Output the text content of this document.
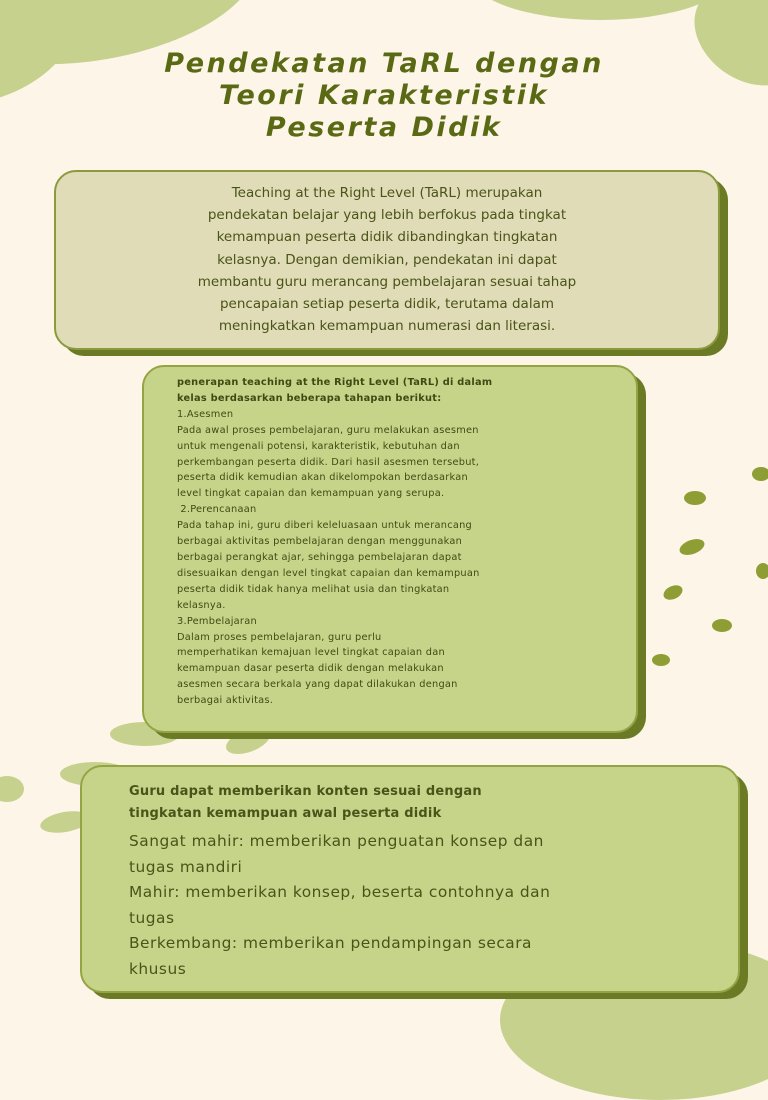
Pendekatan TaRL dengan
Teori Karakteristik
Peserta Didik

Teaching at the Right Level (TaRL) merupakan
pendekatan belajar yang lebih berfokus pada tingkat
kemampuan peserta didik dibandingkan tingkatan
kelasnya. Dengan demikian, pendekatan ini dapat
membantu guru merancang pembelajaran sesuai tahap
pencapaian setiap peserta didik, terutama dalam
meningkatkan kemampuan numerasi dan literasi.

penerapan teaching at the Right Level (TaRL) di dalam
kelas berdasarkan beberapa tahapan berikut:
1.Asesmen
Pada awal proses pembelajaran, guru melakukan asesmen
untuk mengenali potensi, karakteristik, kebutuhan dan
perkembangan peserta didik. Dari hasil asesmen tersebut,
peserta didik kemudian akan dikelompokan berdasarkan
level tingkat capaian dan kemampuan yang serupa.
2.Perencanaan
Pada tahap ini, guru diberi keleluasaan untuk merancang
berbagai aktivitas pembelajaran dengan menggunakan
berbagai perangkat ajar, sehingga pembelajaran dapat
disesuaikan dengan level tingkat capaian dan kemampuan
peserta didik tidak hanya melihat usia dan tingkatan
kelasnya.
3.Pembelajaran
Dalam proses pembelajaran, guru perlu
memperhatikan kemajuan level tingkat capaian dan
kemampuan dasar peserta didik dengan melakukan
asesmen secara berkala yang dapat dilakukan dengan
berbagai aktivitas.
Guru dapat memberikan konten sesuai dengan
tingkatan kemampuan awal peserta didik
Sangat mahir: memberikan penguatan konsep dan
tugas mandiri
Mahir: memberikan konsep, beserta contohnya dan
tugas
Berkembang: memberikan pendampingan secara
khusus
